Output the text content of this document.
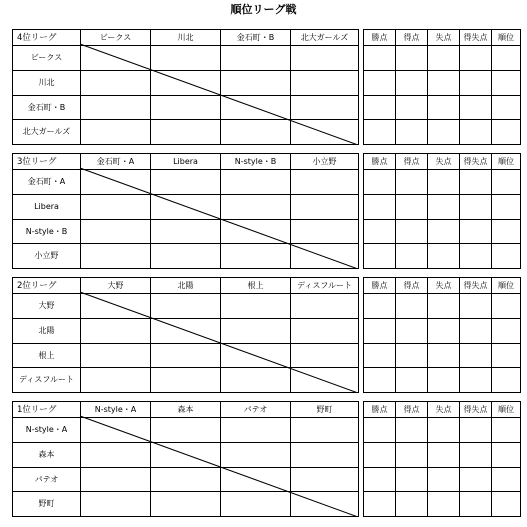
順位リーグ戦
4位リーグ	ビークス	川北	金石町・B	北大ガールズ		勝点	得点	失点	得失点	順位
ビークス										
川北										
金石町・B										
北大ガールズ										
3位リーグ	金石町・A	Libera	N-style・B	小立野		勝点	得点	失点	得失点	順位
金石町・A										
Libera										
N-style・B										
小立野										
2位リーグ	大野	北陽	根上	ディスフルート		勝点	得点	失点	得失点	順位
大野										
北陽										
根上										
ディスフルート										
1位リーグ	N-style・A	森本	パテオ	野町		勝点	得点	失点	得失点	順位
N-style・A										
森本										
パテオ										
野町										
